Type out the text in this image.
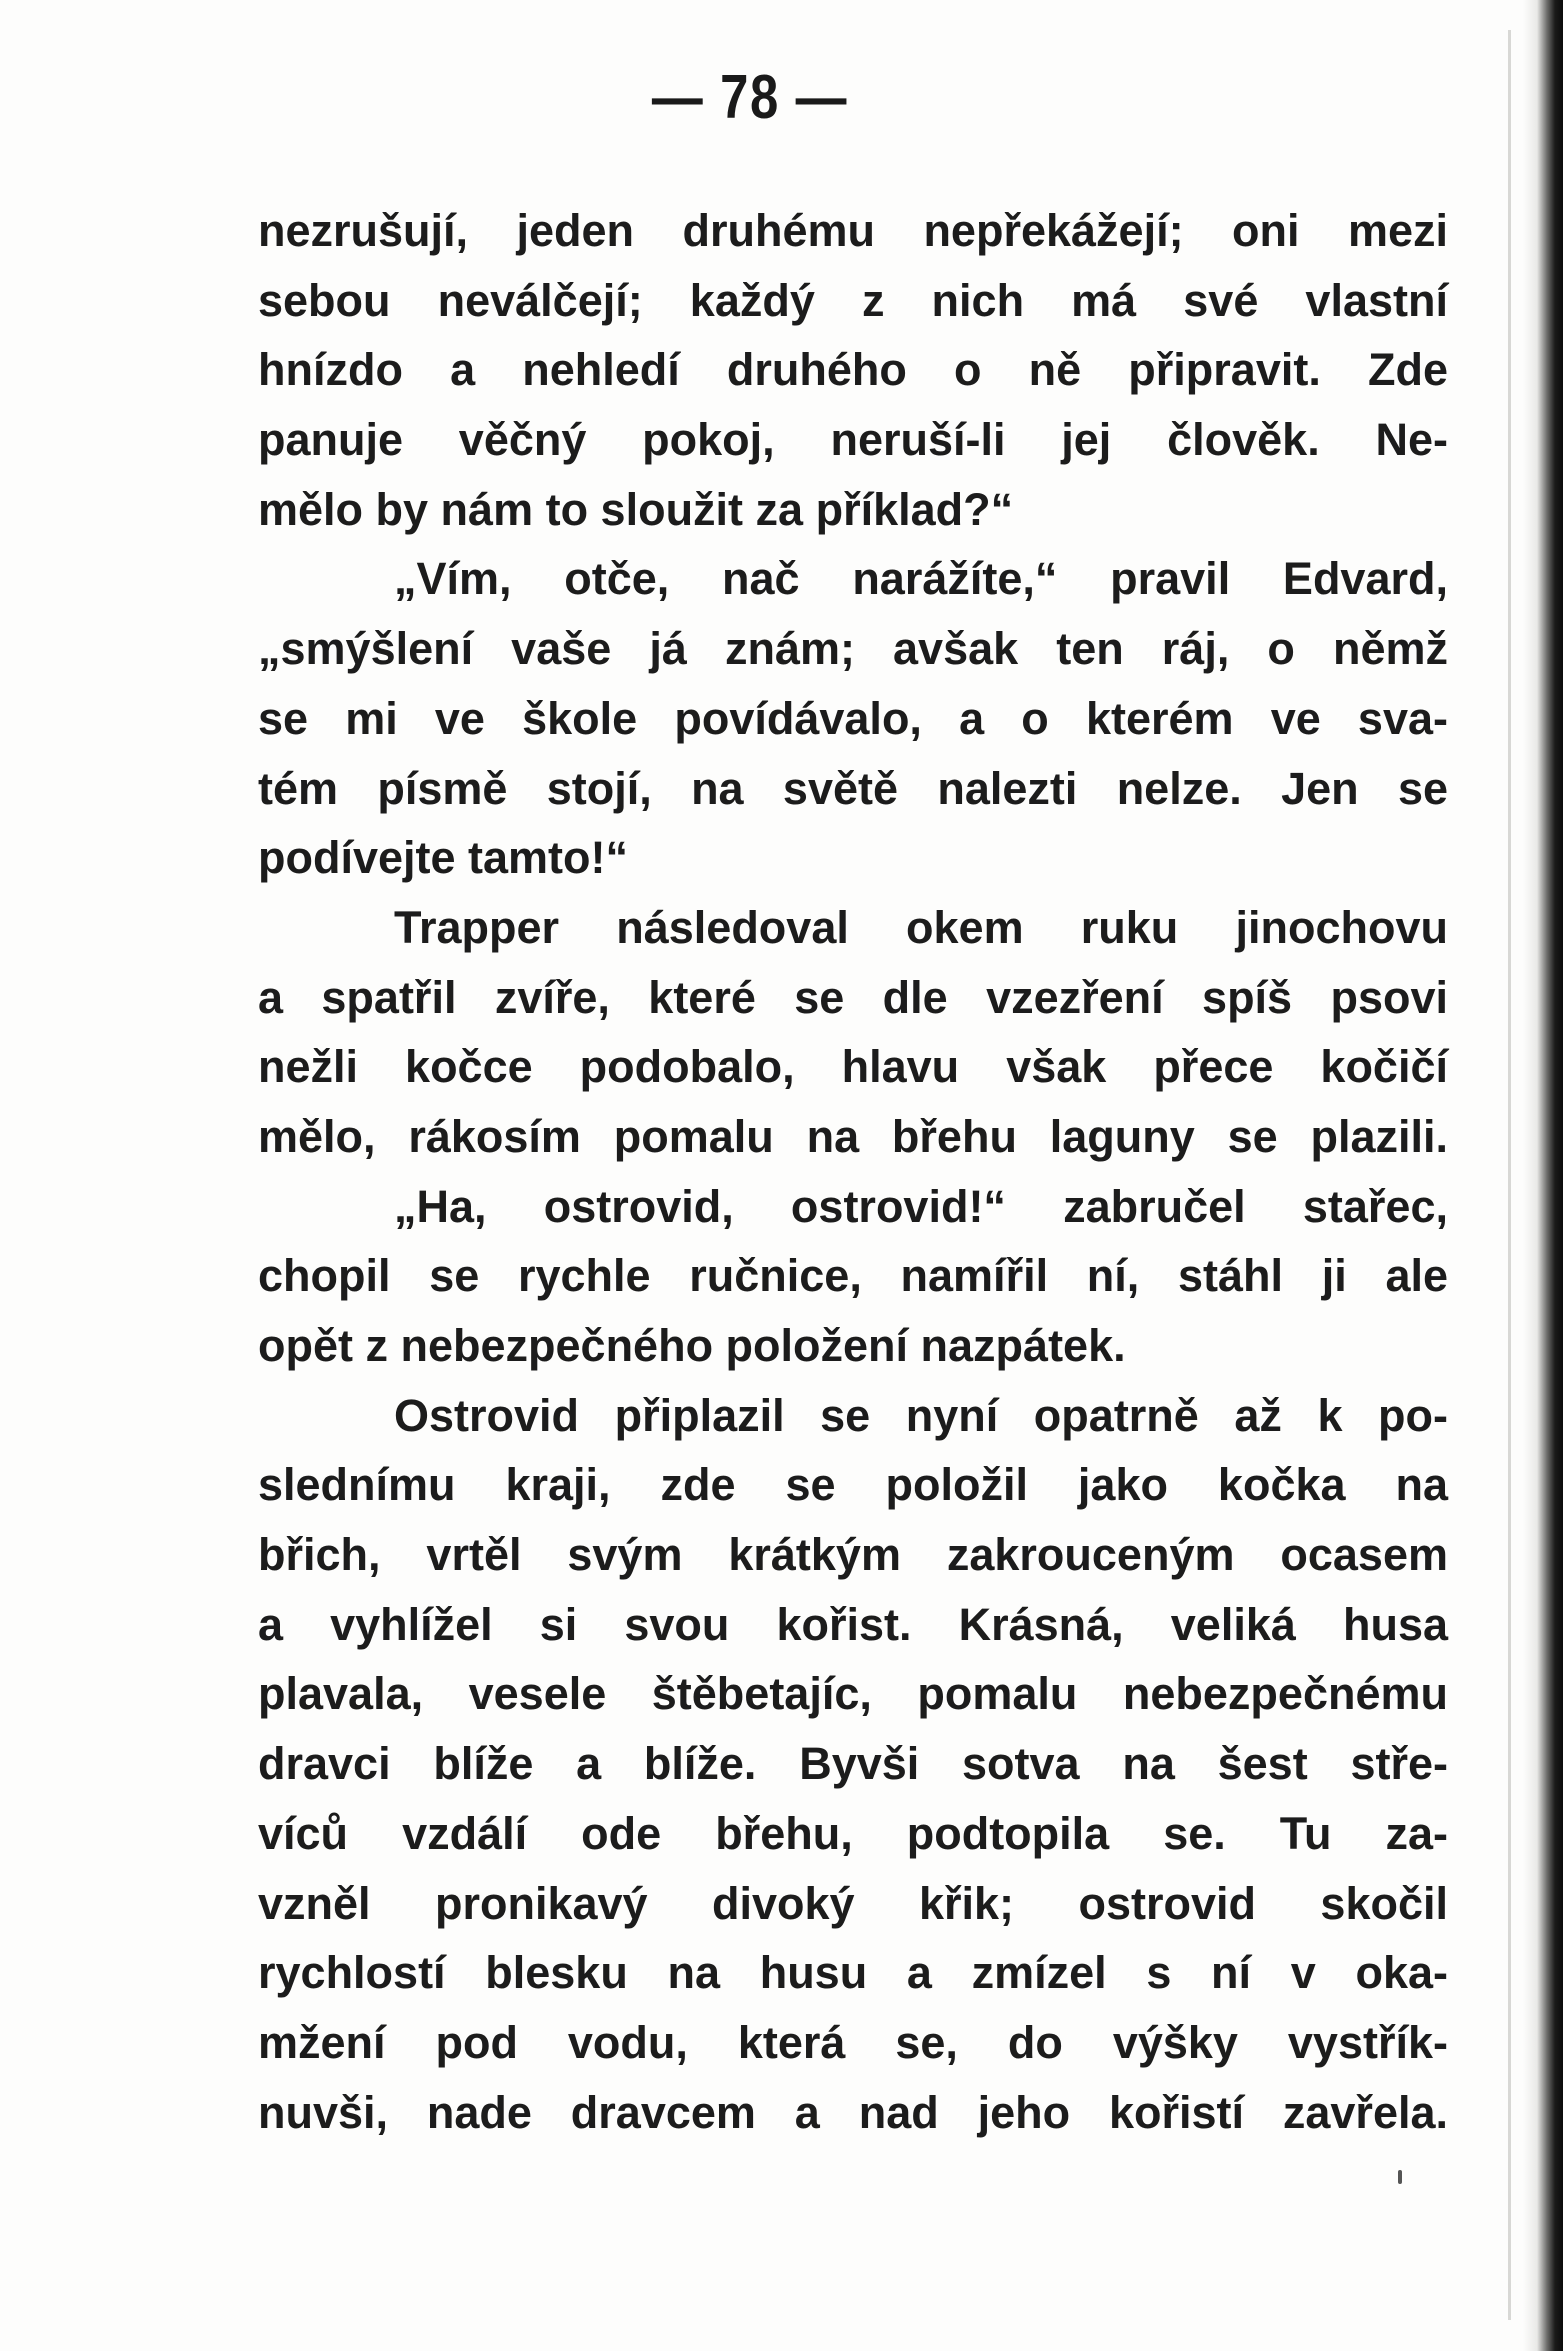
— 78 —
nezrušují, jeden druhému nepřekážejí; oni mezi
sebou neválčejí; každý z nich má své vlastní
hnízdo a nehledí druhého o ně připravit. Zde
panuje věčný pokoj, neruší-li jej člověk. Ne-
mělo by nám to sloužit za příklad?“
„Vím, otče, nač narážíte,“ pravil Edvard,
„smýšlení vaše já znám; avšak ten ráj, o němž
se mi ve škole povídávalo, a o kterém ve sva-
tém písmě stojí, na světě nalezti nelze. Jen se
podívejte tamto!“
Trapper následoval okem ruku jinochovu
a spatřil zvíře, které se dle vzezření spíš psovi
nežli kočce podobalo, hlavu však přece kočičí
mělo, rákosím pomalu na břehu laguny se plazili.
„Ha, ostrovid, ostrovid!“ zabručel stařec,
chopil se rychle ručnice, namířil ní, stáhl ji ale
opět z nebezpečného položení nazpátek.
Ostrovid připlazil se nyní opatrně až k po-
slednímu kraji, zde se položil jako kočka na
břich, vrtěl svým krátkým zakrouceným ocasem
a vyhlížel si svou kořist. Krásná, veliká husa
plavala, vesele štěbetajíc, pomalu nebezpečnému
dravci blíže a blíže. Byvši sotva na šest stře-
víců vzdálí ode břehu, podtopila se. Tu za-
vzněl pronikavý divoký křik; ostrovid skočil
rychlostí blesku na husu a zmízel s ní v oka-
mžení pod vodu, která se, do výšky vystřík-
nuvši, nade dravcem a nad jeho kořistí zavřela.
